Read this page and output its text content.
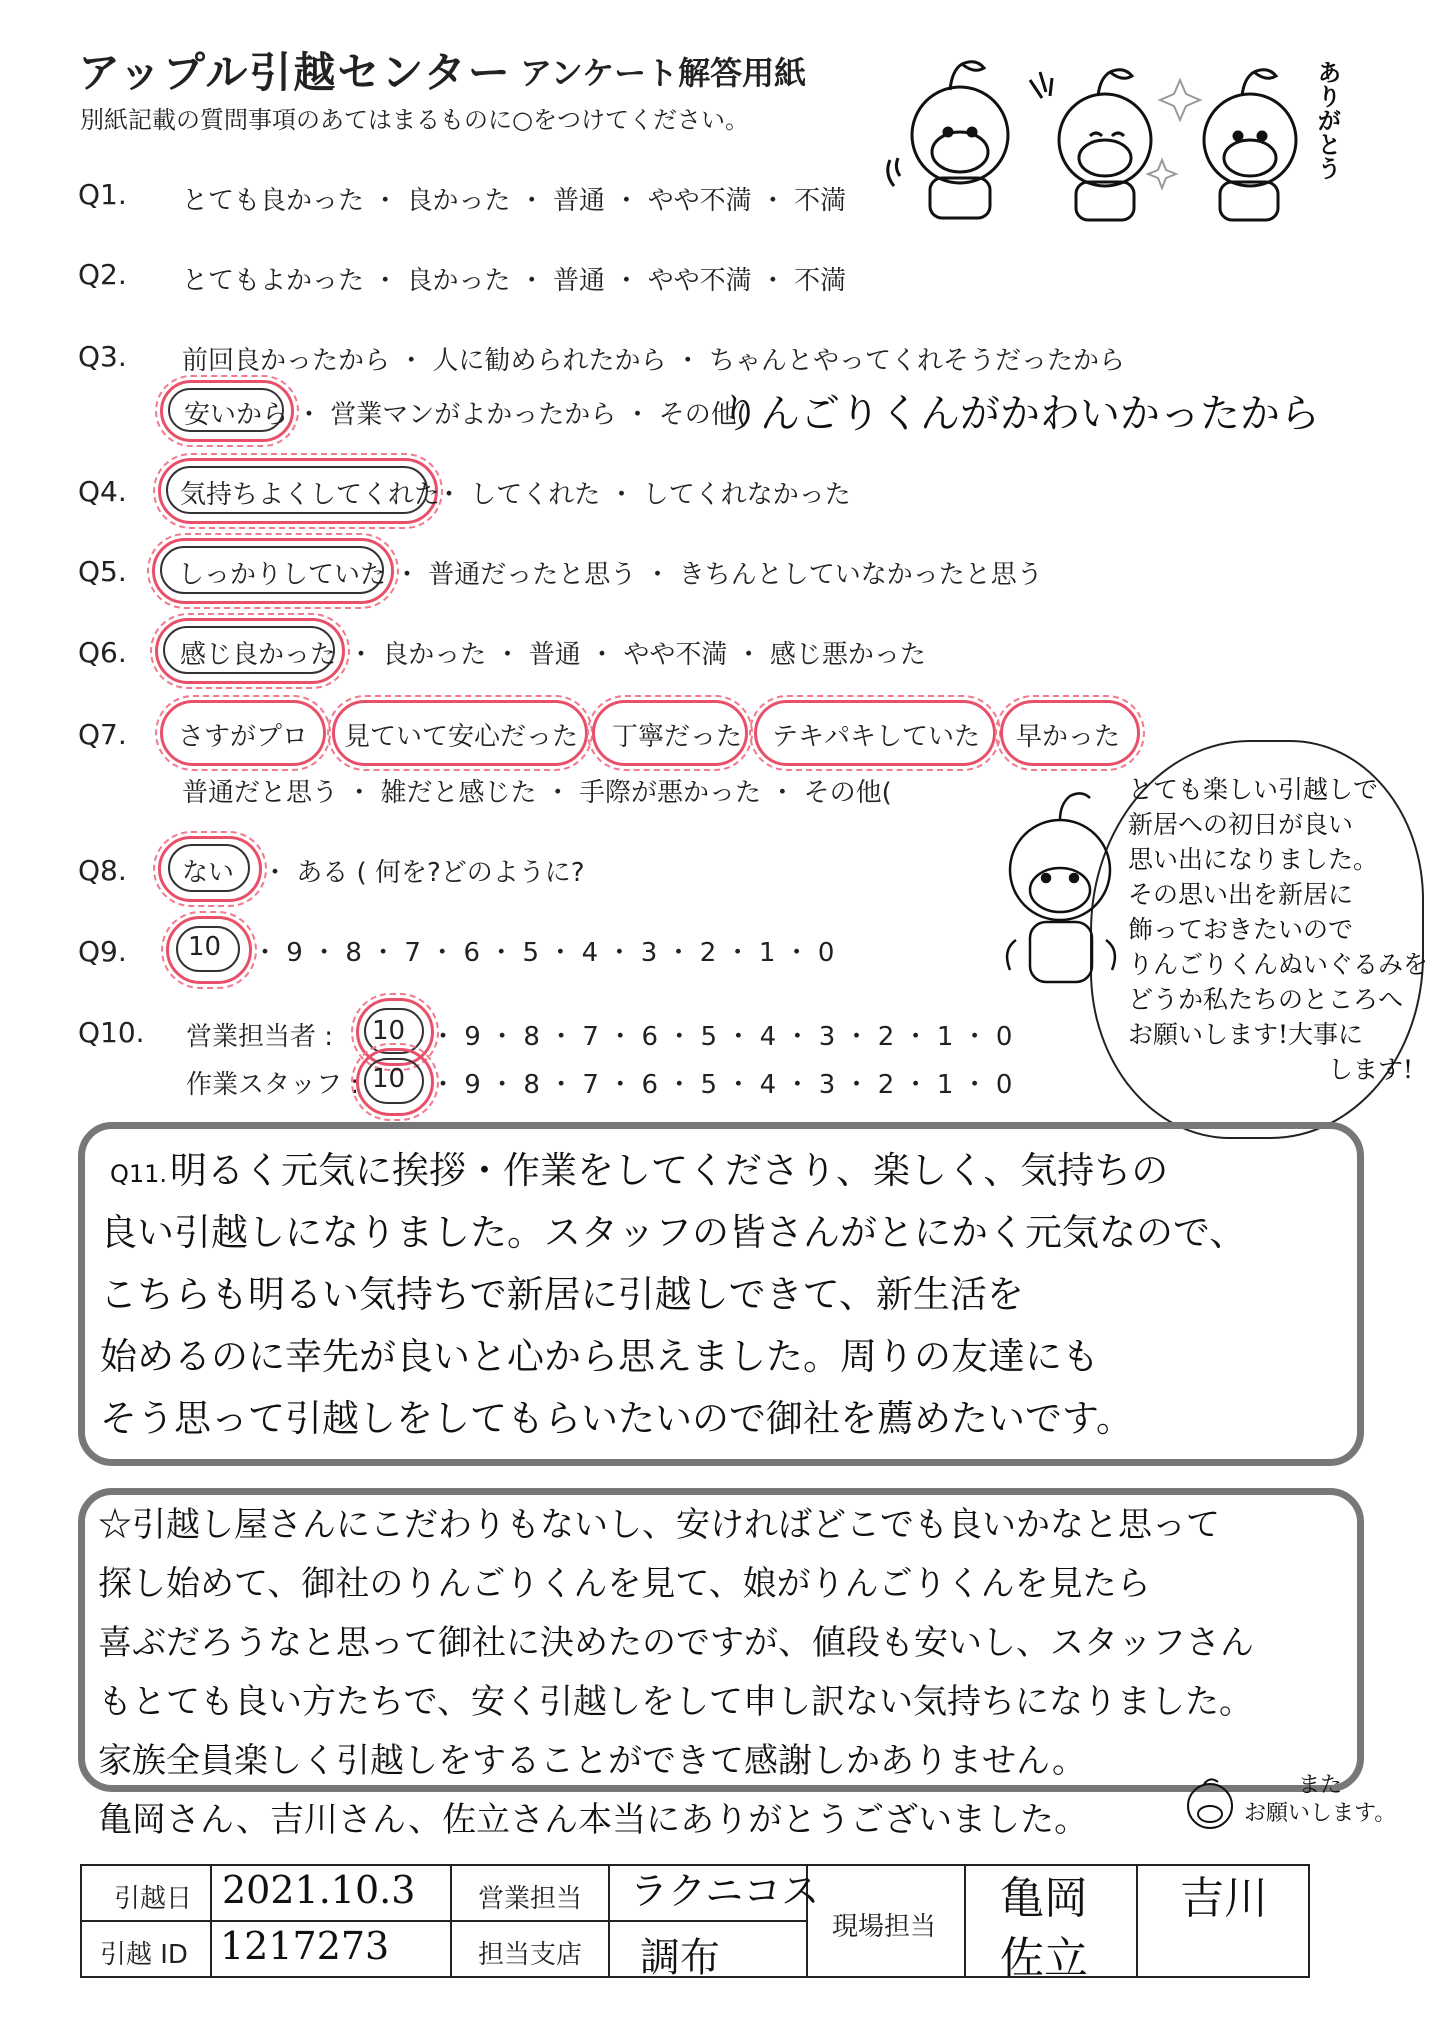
アップル引越センター アンケート解答用紙
別紙記載の質問事項のあてはまるものに○をつけてください。	ありがとう
Q1. とても良かった ・ 良かった ・ 普通 ・ やや不満 ・ 不満
Q2. とてもよかった ・ 良かった ・ 普通 ・ やや不満 ・ 不満
Q3. 前回良かったから ・ 人に勧められたから ・ ちゃんとやってくれそうだったから
安いから ・ 営業マンがよかったから ・ その他(
りんごりくんがかわいかったから
Q4. 気持ちよくしてくれた
・ してくれた ・ してくれなかった
Q5. しっかりしていた ・ 普通だったと思う ・ きちんとしていなかったと思う
Q6. 感じ良かった ・ 良かった ・ 普通 ・ やや不満 ・ 感じ悪かった
Q7. さすがプロ 見ていて安心だった 丁寧だった テキパキしていた 早かった
普通だと思う ・ 雑だと感じた ・ 手際が悪かった ・ その他(
Q8. ない ・ ある ( 何を?どのように?
Q9. 10 ・ 9 ・ 8 ・ 7 ・ 6 ・ 5 ・ 4 ・ 3 ・ 2 ・ 1 ・ 0
Q10. 営業担当者 : 10 ・ 9 ・ 8 ・ 7 ・ 6 ・ 5 ・ 4 ・ 3 ・ 2 ・ 1 ・ 0
作業スタッフ : 10 ・ 9 ・ 8 ・ 7 ・ 6 ・ 5 ・ 4 ・ 3 ・ 2 ・ 1 ・ 0
とても楽しい引越しで
新居への初日が良い
思い出になりました。
その思い出を新居に
飾っておきたいので
りんごりくんぬいぐるみを
どうか私たちのところへ
お願いします!大事に
します!
Q11. 明るく元気に挨拶・作業をしてくださり、楽しく、気持ちの
良い引越しになりました。スタッフの皆さんがとにかく元気なので、
こちらも明るい気持ちで新居に引越しできて、新生活を
始めるのに幸先が良いと心から思えました。周りの友達にも
そう思って引越しをしてもらいたいので御社を薦めたいです。
☆引越し屋さんにこだわりもないし、安ければどこでも良いかなと思って
探し始めて、御社のりんごりくんを見て、娘がりんごりくんを見たら
喜ぶだろうなと思って御社に決めたのですが、値段も安いし、スタッフさん
もとても良い方たちで、安く引越しをして申し訳ない気持ちになりました。
家族全員楽しく引越しをすることができて感謝しかありません。
亀岡さん、吉川さん、佐立さん本当にありがとうございました。
また
お願いします。
引越日 2021.10.3 営業担当 ラクニコス
引越 ID 1217273	担当支店 調布
現場担当
亀岡 吉川
佐立
